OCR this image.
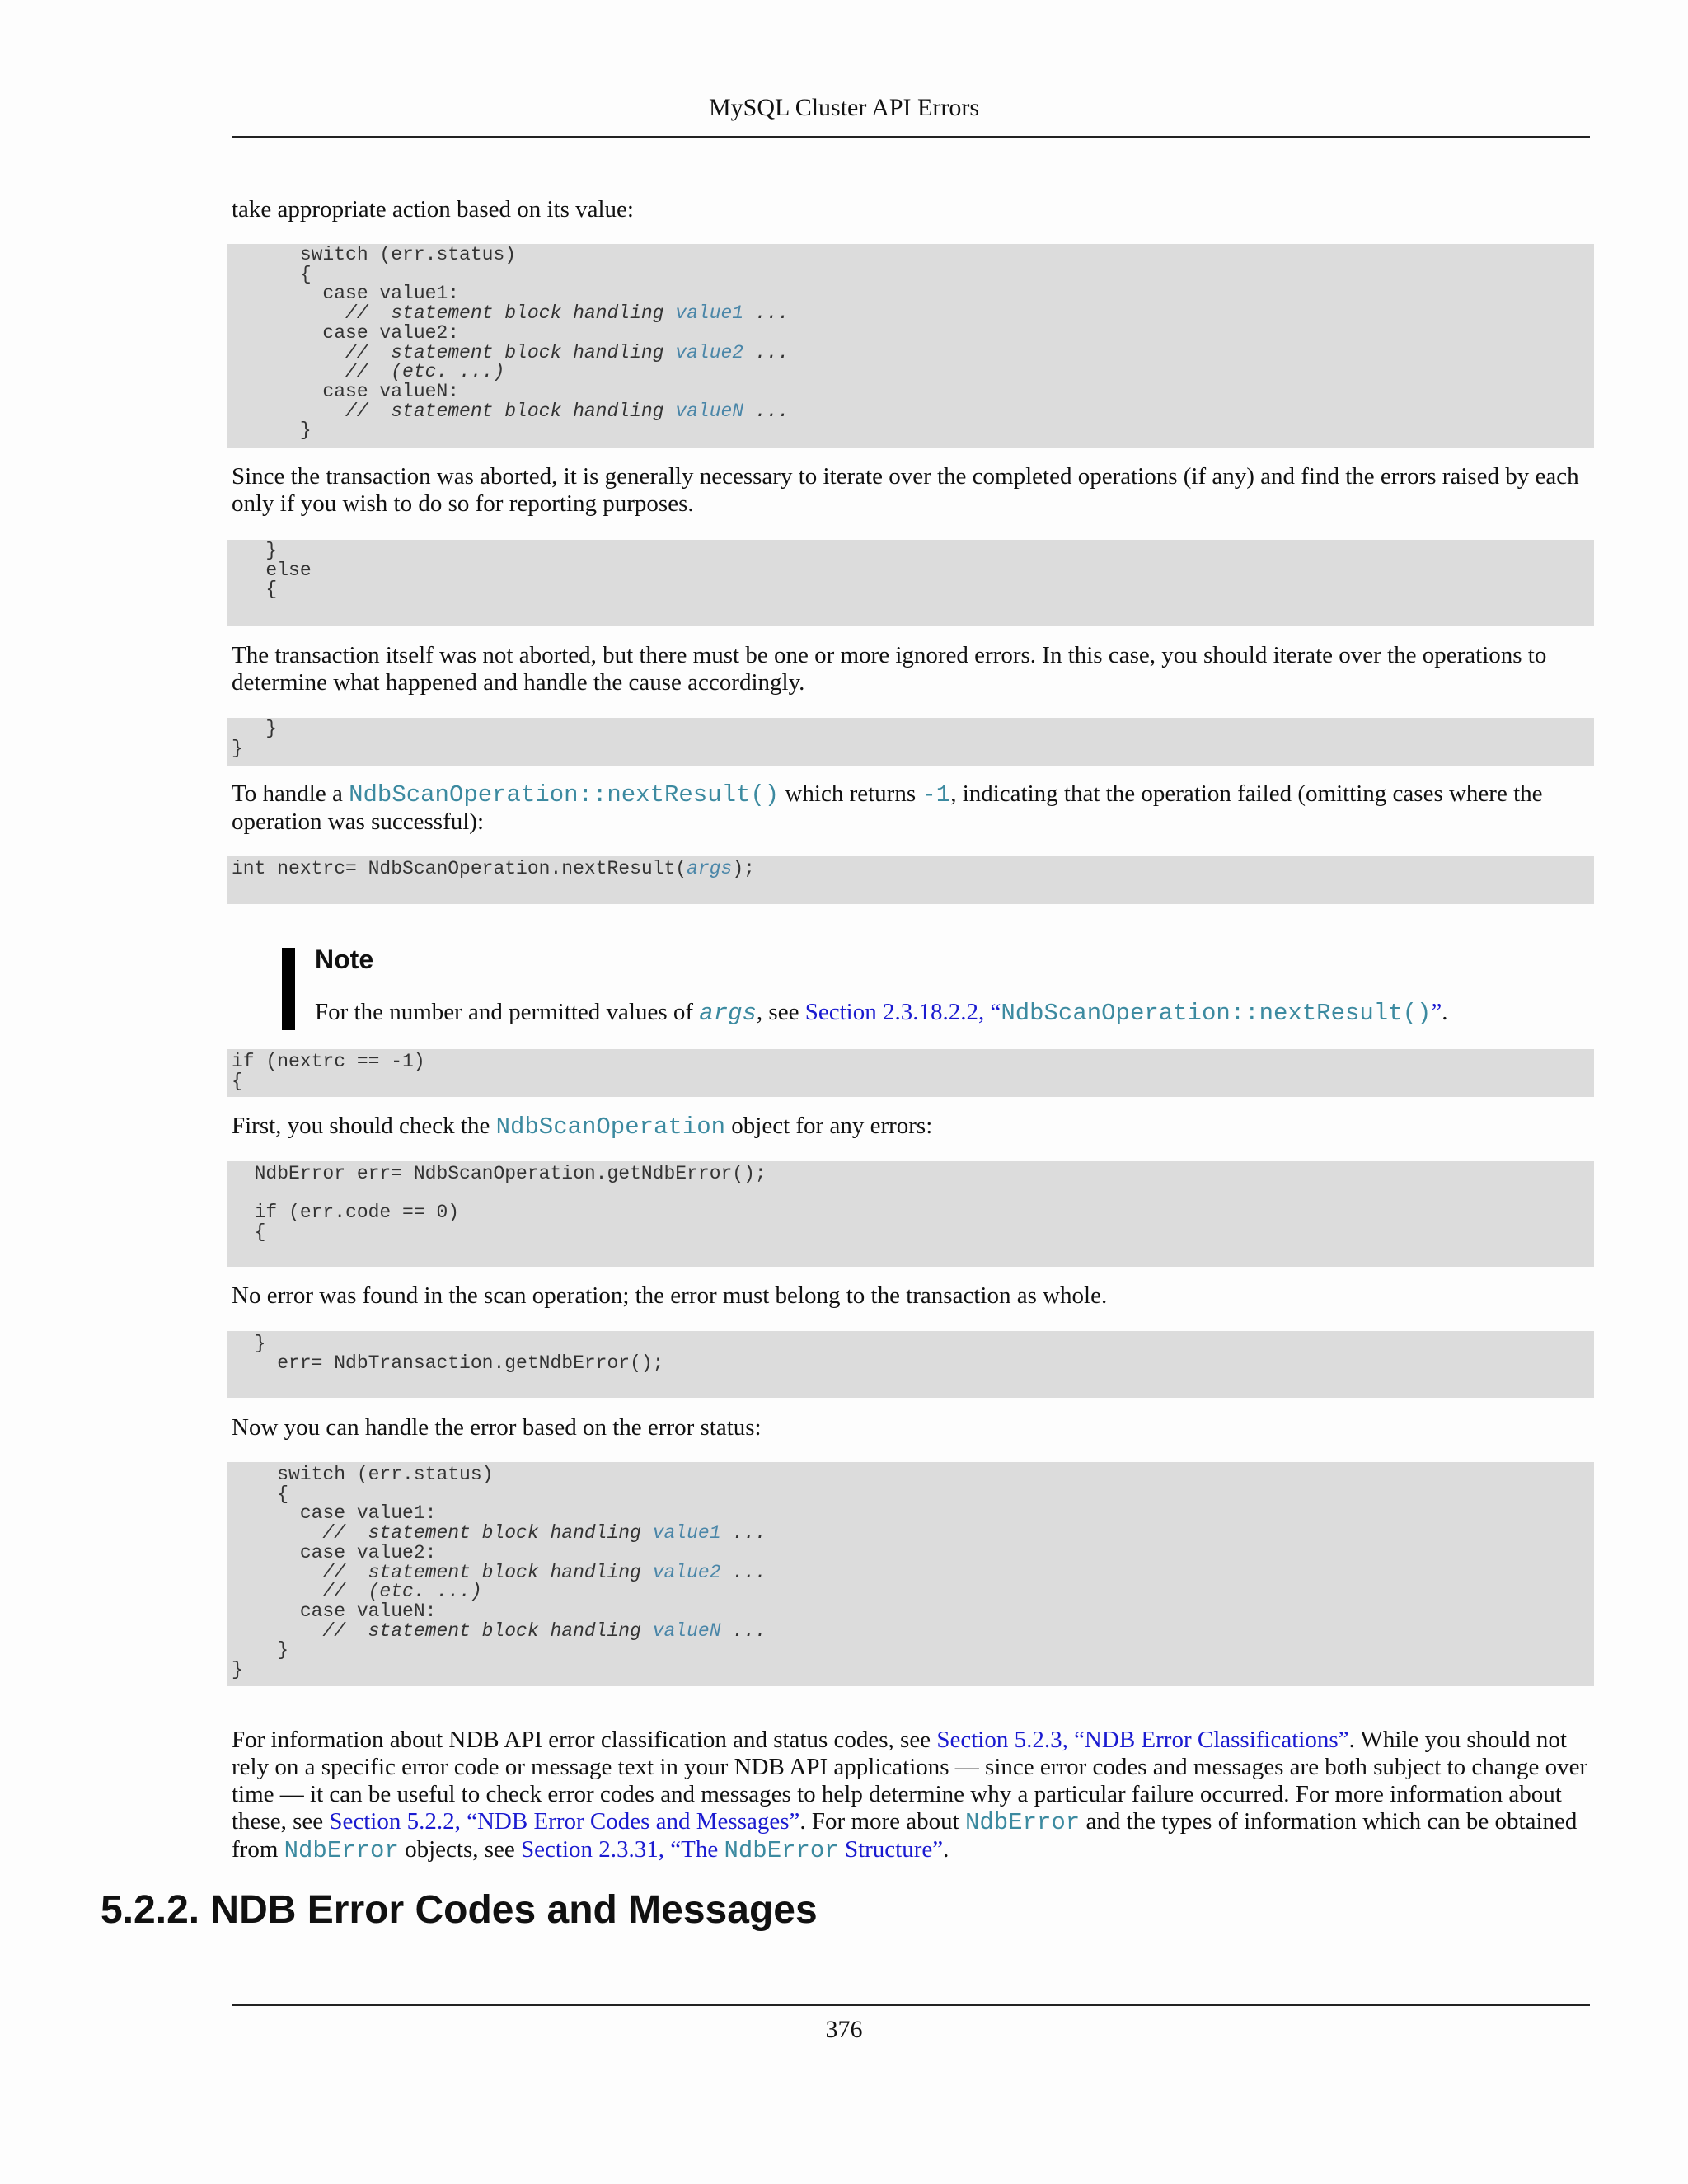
MySQL Cluster API Errors

take appropriate action based on its value:

switch (err.status)
{
case value1:
//  statement block handling value1 ...
case value2:
//  statement block handling value2 ...
//  (etc. ...)
case valueN:
//  statement block handling valueN ...
}

Since the transaction was aborted, it is generally necessary to iterate over the completed operations (if any) and find the errors raised by each only if you wish to do so for reporting purposes.

}
else
{

The transaction itself was not aborted, but there must be one or more ignored errors. In this case, you should iterate over the operations to determine what happened and handle the cause accordingly.

}
}

To handle a NdbScanOperation::nextResult() which returns -1, indicating that the operation failed (omitting cases where the operation was successful):

int nextrc= NdbScanOperation.nextResult(args);
Note
For the number and permitted values of args, see Section 2.3.18.2.2, “NdbScanOperation::nextResult()”.
if (nextrc == -1)
{

First, you should check the NdbScanOperation object for any errors:

NdbError err= NdbScanOperation.getNdbError();

if (err.code == 0)
{

No error was found in the scan operation; the error must belong to the transaction as whole.

}
err= NdbTransaction.getNdbError();

Now you can handle the error based on the error status:

switch (err.status)
{
case value1:
//  statement block handling value1 ...
case value2:
//  statement block handling value2 ...
//  (etc. ...)
case valueN:
//  statement block handling valueN ...
}
}

For information about NDB API error classification and status codes, see Section 5.2.3, “NDB Error Classifications”. While you should not rely on a specific error code or message text in your NDB API applications — since error codes and messages are both subject to change over time — it can be useful to check error codes and messages to help determine why a particular failure occurred. For more information about these, see Section 5.2.2, “NDB Error Codes and Messages”. For more about NdbError and the types of information which can be obtained from NdbError objects, see Section 2.3.31, “The NdbError Structure”.

5.2.2. NDB Error Codes and Messages
376
